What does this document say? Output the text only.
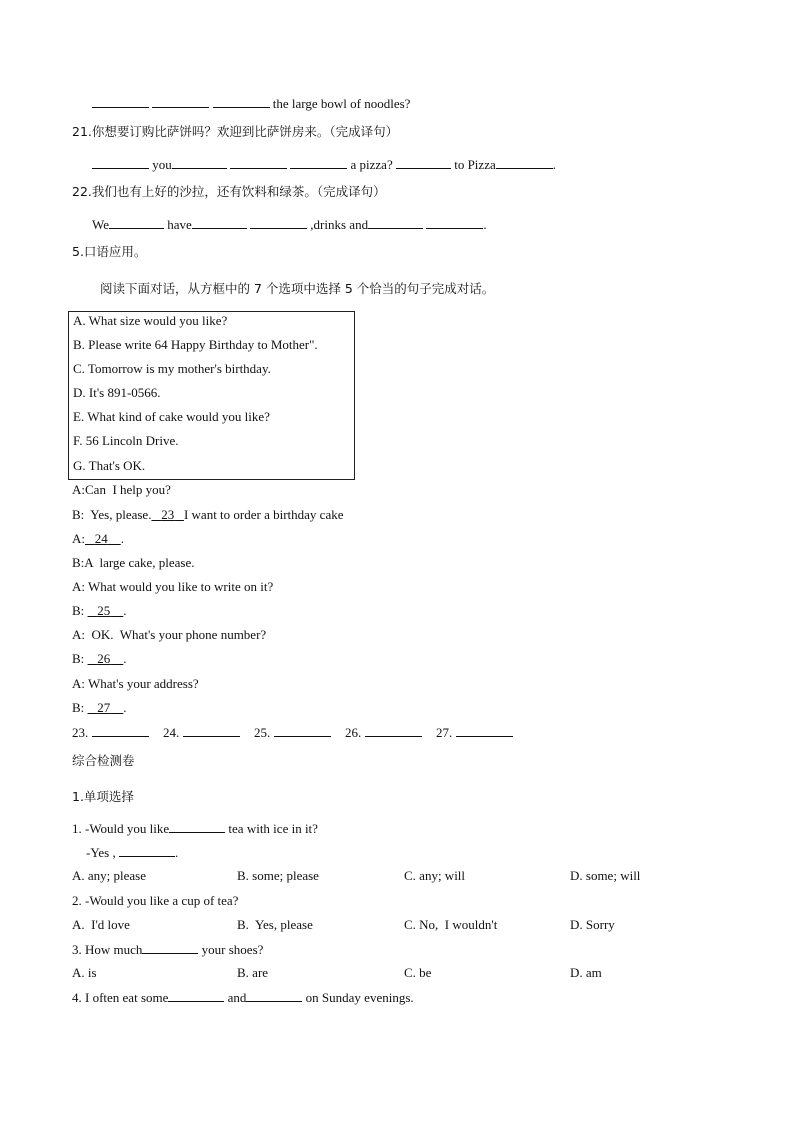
the large bowl of noodles?
21.你想要订购比萨饼吗？欢迎到比萨饼房来。（完成译句）
you	a pizza?	to Pizza	.
22.我们也有上好的沙拉，还有饮料和绿茶。（完成译句）
We	have	,drinks and	.
5.口语应用。
阅读下面对话，从方框中的 7 个选项中选择 5 个恰当的句子完成对话。
A. What size would you like?
B. Please write 64 Happy Birthday to Mother".
C. Tomorrow is my mother's birthday.
D. It's 891-0566.
E. What kind of cake would you like?
F. 56 Lincoln Drive.
G. That's OK.
A:Can  I help you?
B:  Yes, please. 23 I want to order a birthday cake
A: 24 .
B:A  large cake, please.
A: What would you like to write on it?
B: 25 .
A:  OK.  What's your phone number?
B: 26 .
A: What's your address?
B: 27 .
23.	24.	25.	26.	27.
综合检测卷
1.单项选择
1. -Would you like	tea with ice in it?
-Yes ,	.
A. any; please	B. some; please	C. any; will	D. some; will
2. -Would you like a cup of tea?
A.  I'd love	B.  Yes, please	C. No,  I wouldn't	D. Sorry
3. How much	your shoes?
A. is	B. are	C. be	D. am
4. I often eat some	and	on Sunday evenings.
